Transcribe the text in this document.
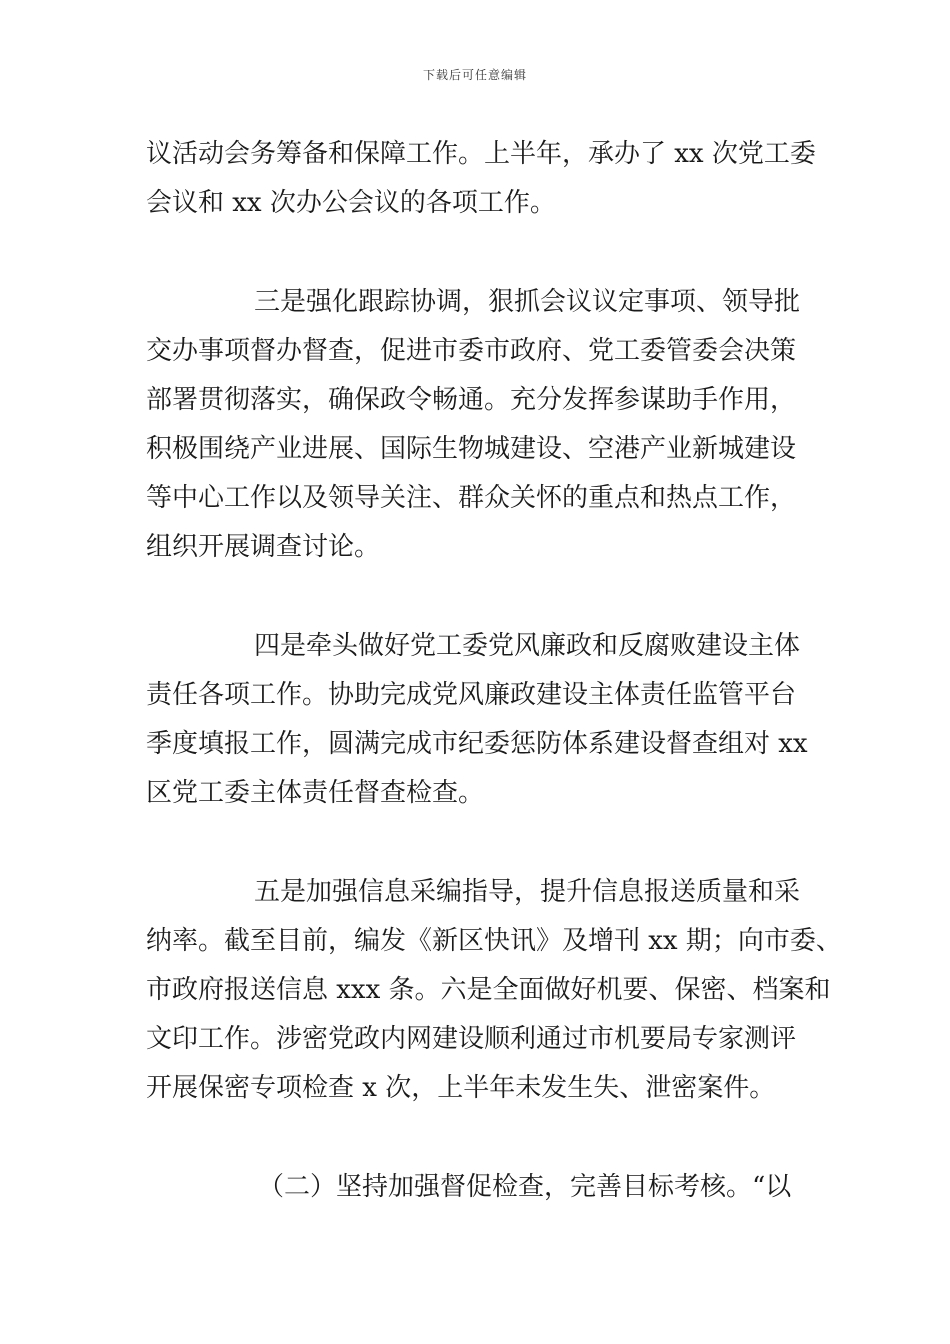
下载后可任意编辑
议活动会务筹备和保障工作。上半年，承办了 xx 次党工委
会议和 xx 次办公会议的各项工作。
三是强化跟踪协调，狠抓会议议定事项、领导批
交办事项督办督查，促进市委市政府、党工委管委会决策
部署贯彻落实，确保政令畅通。充分发挥参谋助手作用，
积极围绕产业进展、国际生物城建设、空港产业新城建设
等中心工作以及领导关注、群众关怀的重点和热点工作，
组织开展调查讨论。
四是牵头做好党工委党风廉政和反腐败建设主体
责任各项工作。协助完成党风廉政建设主体责任监管平台
季度填报工作，圆满完成市纪委惩防体系建设督查组对 xx
区党工委主体责任督查检查。
五是加强信息采编指导，提升信息报送质量和采
纳率。截至目前，编发《新区快讯》及增刊 xx 期；向市委、
市政府报送信息 xxx 条。六是全面做好机要、保密、档案和
文印工作。涉密党政内网建设顺利通过市机要局专家测评
开展保密专项检查 x 次，上半年未发生失、泄密案件。
（二）坚持加强督促检查，完善目标考核。“以
